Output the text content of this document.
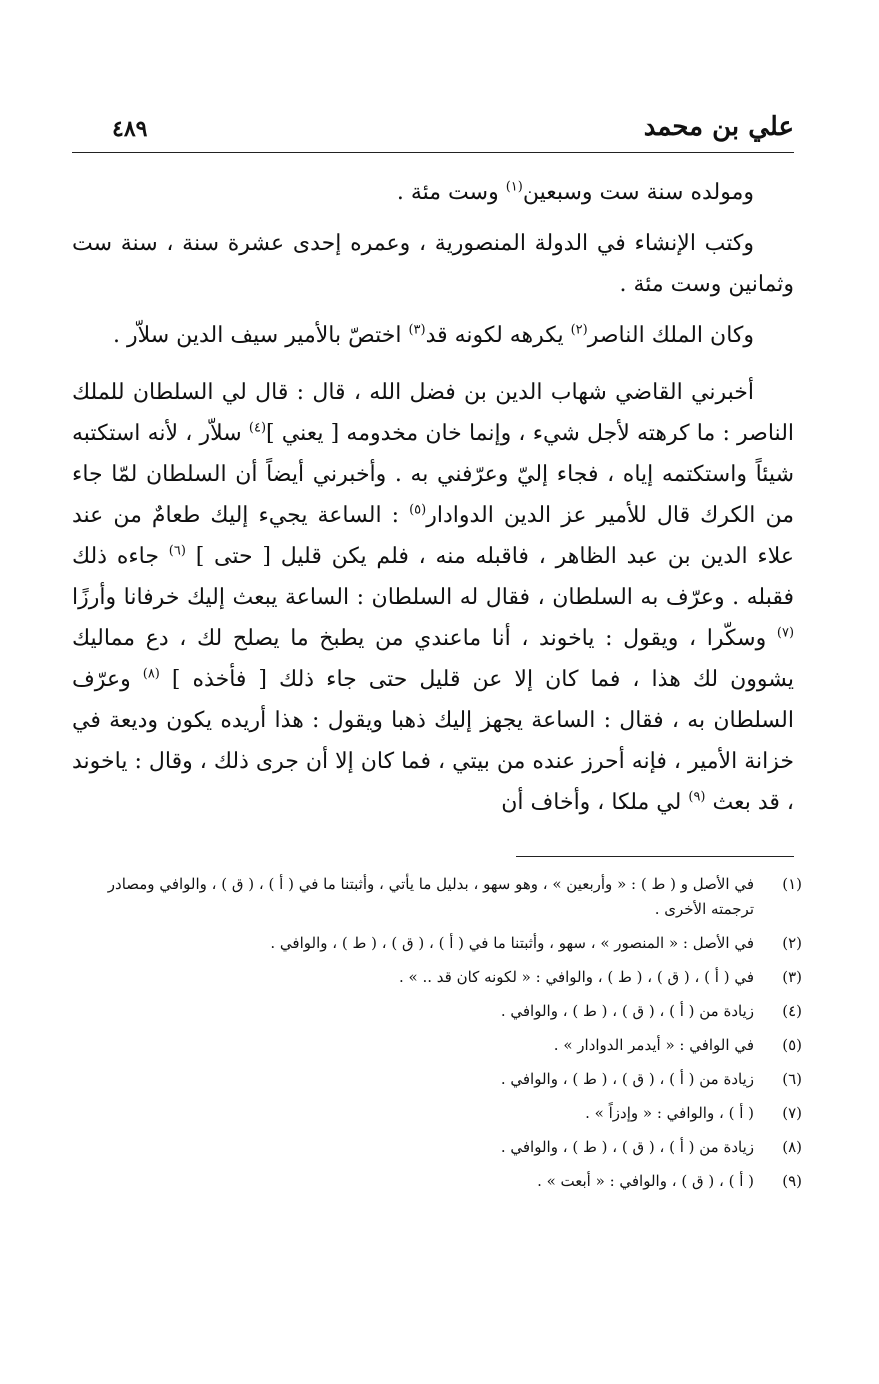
علي بن محمد
٤٨٩

ومولده سنة ست وسبعين$^{(١)}$ وست مئة .

وكتب الإنشاء في الدولة المنصورية ، وعمره إحدى عشرة سنة ، سنة ست وثمانين وست مئة .

وكان الملك الناصر$^{(٢)}$ يكرهه لكونه قد$^{(٣)}$ اختصّ بالأمير سيف الدين سلاّر .

أخبرني القاضي شهاب الدين بن فضل الله ، قال : قال لي السلطان للملك الناصر : ما كرهته لأجل شيء ، وإنما خان مخدومه [ يعني ]$^{(٤)}$ سلاّر ، لأنه استكتبه شيئاً واستكتمه إياه ، فجاء إليّ وعرّفني به . وأخبرني أيضاً أن السلطان لمّا جاء من الكرك قال للأمير عز الدين الدوادار$^{(٥)}$ : الساعة يجيء إليك طعامٌ من عند علاء الدين بن عبد الظاهر ، فاقبله منه ، فلم يكن قليل [ حتى ] $^{(٦)}$ جاءه ذلك فقبله . وعرّف به السلطان ، فقال له السلطان : الساعة يبعث إليك خرفانا وأرزًا $^{(٧)}$ وسكّرا ، ويقول : ياخوند ، أنا ماعندي من يطبخ ما يصلح لك ، دع مماليك يشوون لك هذا ، فما كان إلا عن قليل حتى جاء ذلك [ فأخذه ] $^{(٨)}$ وعرّف السلطان به ، فقال : الساعة يجهز إليك ذهبا ويقول : هذا أريده يكون وديعة في خزانة الأمير ، فإنه أحرز عنده من بيتي ، فما كان إلا أن جرى ذلك ، وقال : ياخوند ، قد بعث $^{(٩)}$ لي ملكا ، وأخاف أن

(١)
في الأصل و ( ط ) : « وأربعين » ، وهو سهو ، بدليل ما يأتي ، وأثبتنا ما في ( أ ) ، ( ق ) ، والوافي ومصادر ترجمته الأخرى .
(٢)
في الأصل : « المنصور » ، سهو ، وأثبتنا ما في ( أ ) ، ( ق ) ، ( ط ) ، والوافي .
(٣)
في ( أ ) ، ( ق ) ، ( ط ) ، والوافي : « لكونه كان قد .. » .
(٤)
زيادة من ( أ ) ، ( ق ) ، ( ط ) ، والوافي .
(٥)
في الوافي : « أيدمر الدوادار » .
(٦)
زيادة من ( أ ) ، ( ق ) ، ( ط ) ، والوافي .
(٧)
( أ ) ، والوافي : « وإدزاً » .
(٨)
زيادة من ( أ ) ، ( ق ) ، ( ط ) ، والوافي .
(٩)
( أ ) ، ( ق ) ، والوافي : « أبعت » .
